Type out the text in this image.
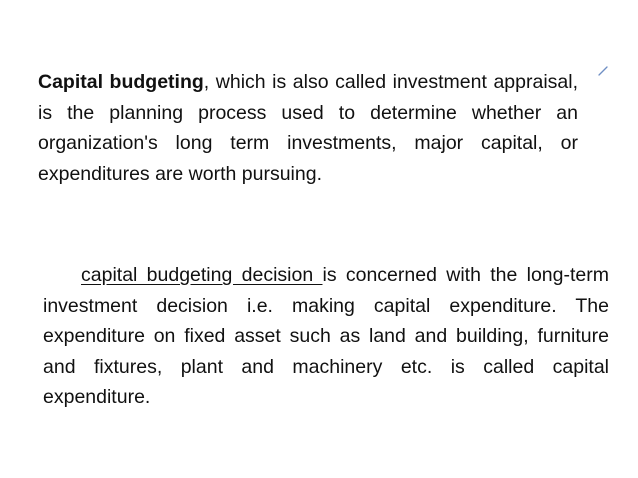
Capital budgeting, which is also called investment appraisal, is the planning process used to determine whether an organization's long term investments, major capital, or expenditures are worth pursuing.

capital budgeting decision is concerned with the long-term investment decision i.e. making capital expenditure. The expenditure on fixed asset such as land and building, furniture and fixtures, plant and machinery etc. is called capital expenditure.
